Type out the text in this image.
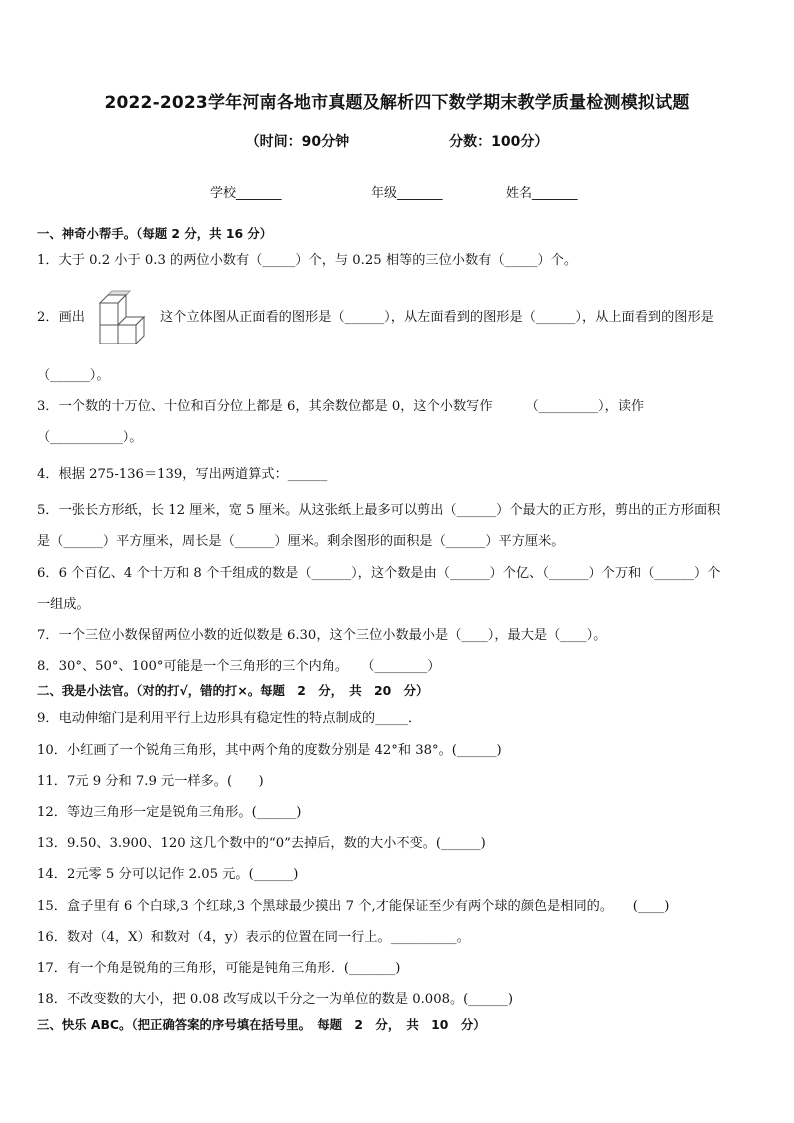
2022-2023学年河南各地市真题及解析四下数学期末教学质量检测模拟试题
（时间：90分钟	分数：100分）
学校_______	年级_______	姓名_______
一、神奇小帮手。（每题 2 分，共 16 分）
1．大于 0.2 小于 0.3 的两位小数有（_____）个，与 0.25 相等的三位小数有（_____）个。
2．画出	这个立体图从正面看的图形是（______），从左面看到的图形是（______），从上面看到的图形是
（______）。
3．一个数的十万位、十位和百分位上都是 6，其余数位都是 0，这个小数写作　　　（_________），读作
（___________）。
4．根据 275-136＝139，写出两道算式：______
5．一张长方形纸，长 12 厘米，宽 5 厘米。从这张纸上最多可以剪出（______）个最大的正方形，剪出的正方形面积
是（______）平方厘米，周长是（______）厘米。剩余图形的面积是（______）平方厘米。
6．6 个百亿、4 个十万和 8 个千组成的数是（______），这个数是由（______）个亿、（______）个万和（______）个
一组成。
7．一个三位小数保留两位小数的近似数是 6.30，这个三位小数最小是（____），最大是（____）。
8．30°、50°、100°可能是一个三角形的三个内角。　　（________）
二、我是小法官。（对的打√，错的打×。每题　2　分，　共　20　分）
9．电动伸缩门是利用平行上边形具有稳定性的特点制成的_____．
10．小红画了一个锐角三角形，其中两个角的度数分别是 42°和 38°。(______)
11．7元 9 分和 7.9 元一样多。(　　)
12．等边三角形一定是锐角三角形。(______)
13．9.50、3.900、120 这几个数中的“0”去掉后，数的大小不变。(______)
14．2元零 5 分可以记作 2.05 元。(______)
15．盒子里有 6 个白球,3 个红球,3 个黑球最少摸出 7 个,才能保证至少有两个球的颜色是相同的。　　(____)
16．数对（4，X）和数对（4，y）表示的位置在同一行上。__________。
17．有一个角是锐角的三角形，可能是钝角三角形．(_______)
18．不改变数的大小，把 0.08 改写成以千分之一为单位的数是 0.008。(______)
三、快乐 ABC。（把正确答案的序号填在括号里。　每题　2　分，　共　10　分）
